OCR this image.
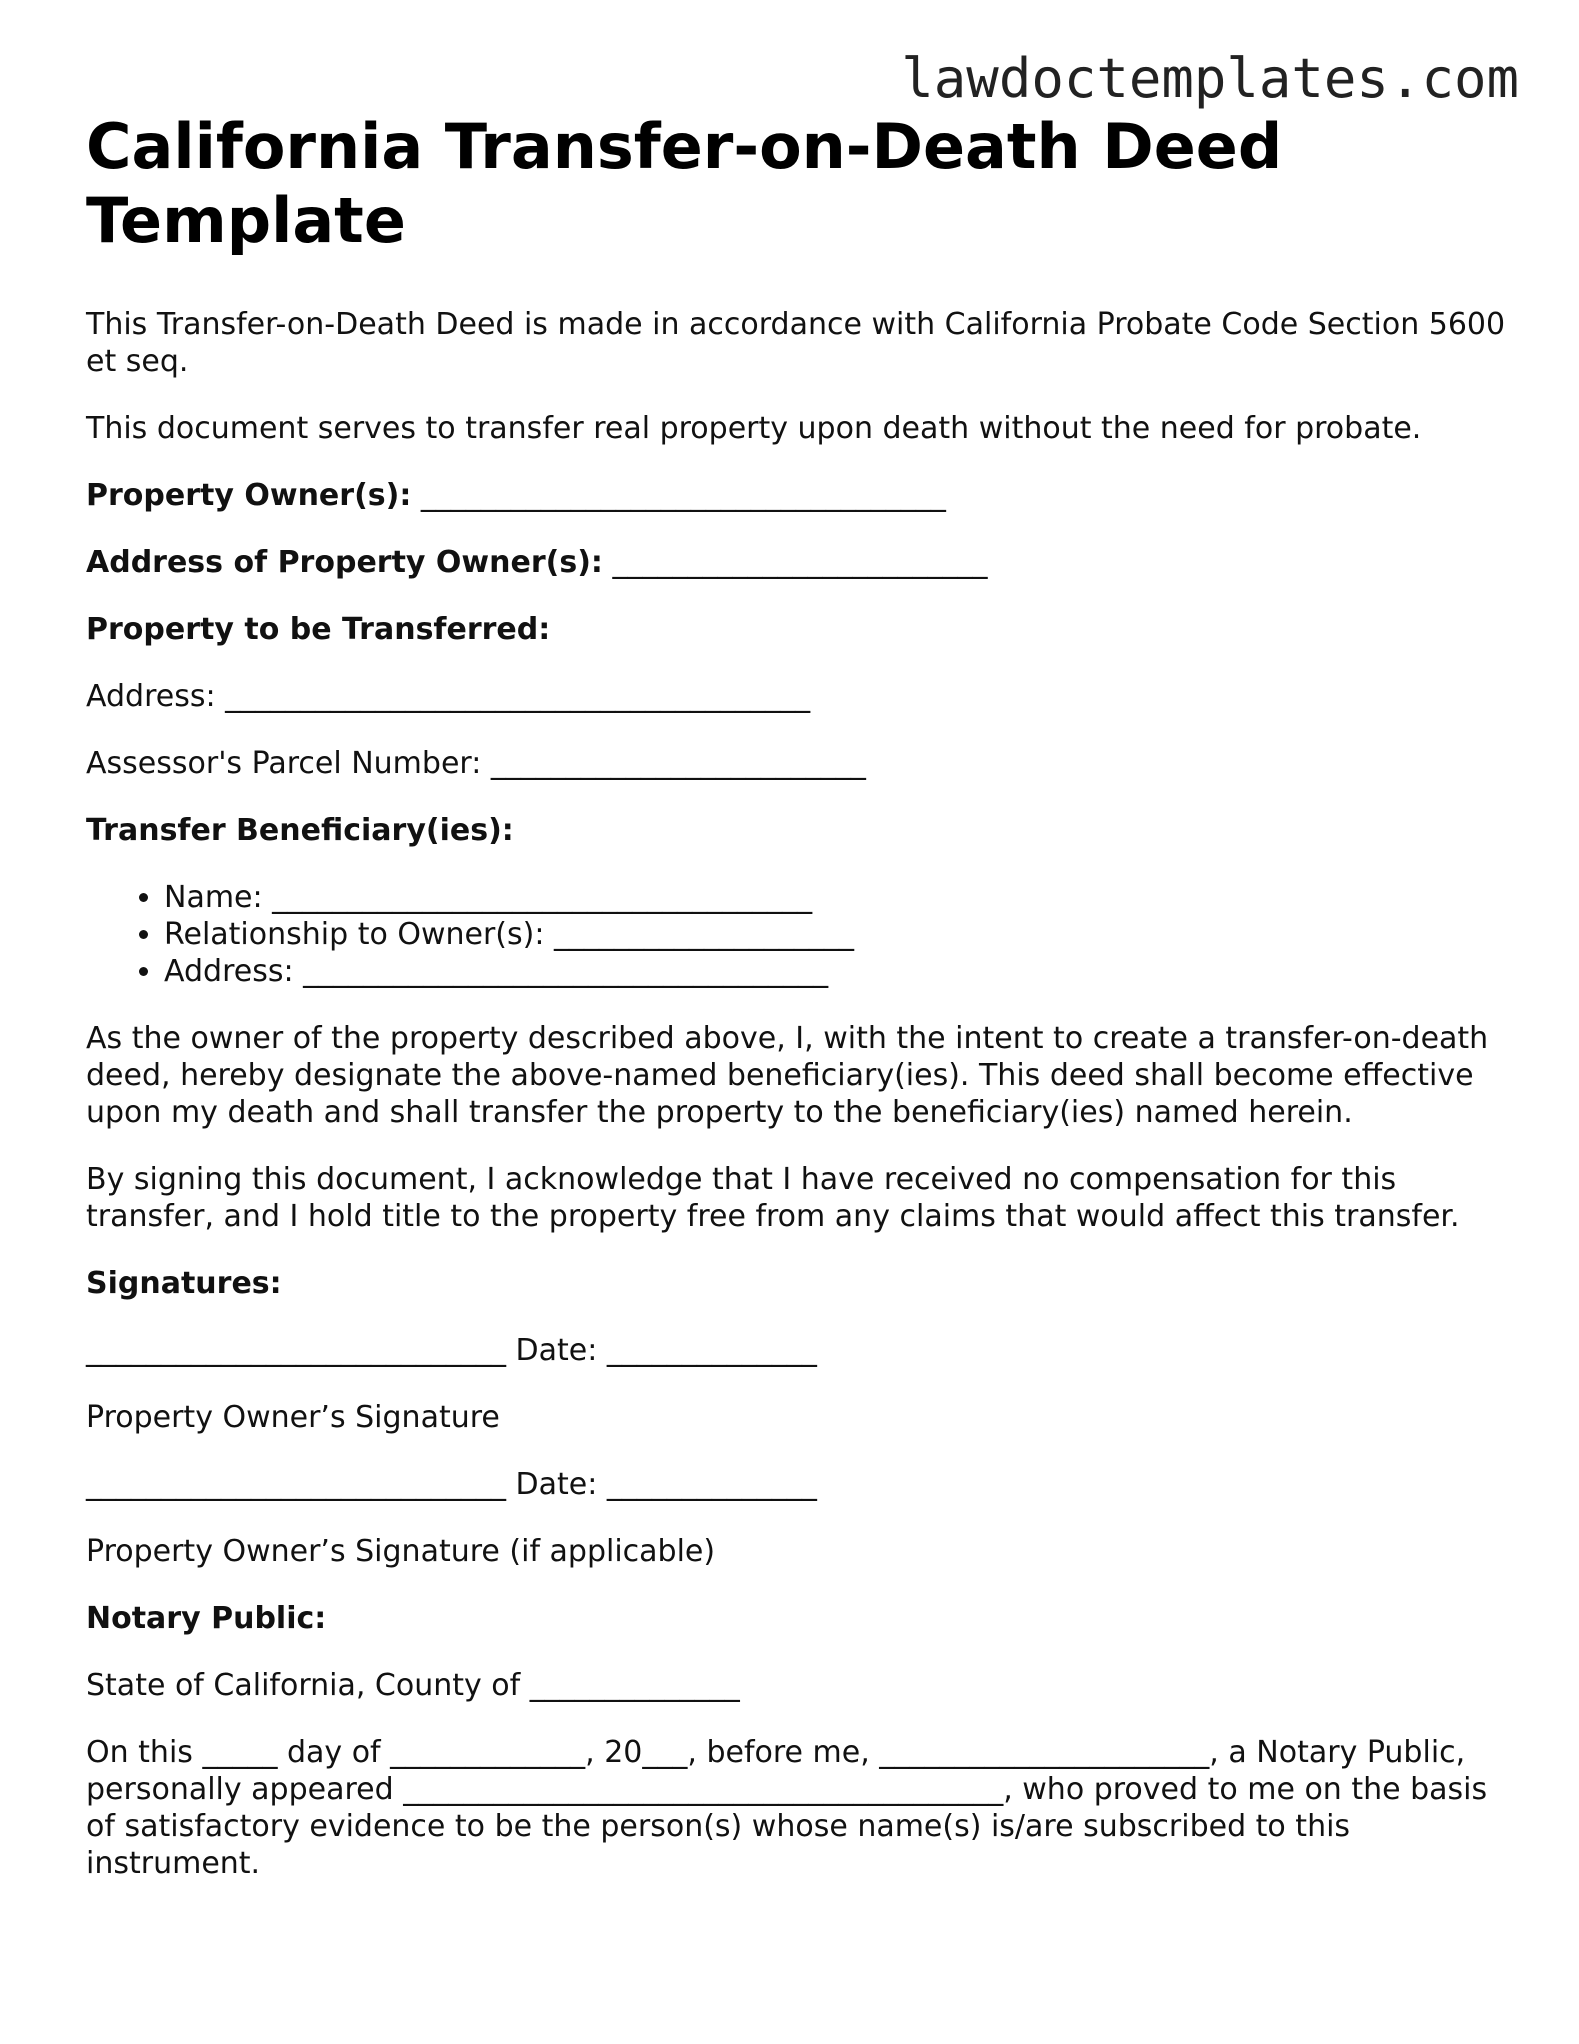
lawdoctemplates.com
California Transfer-on-Death Deed Template

This Transfer-on-Death Deed is made in accordance with California Probate Code Section 5600 et seq.

This document serves to transfer real property upon death without the need for probate.

Property Owner(s): ___________________________________

Address of Property Owner(s): _________________________

Property to be Transferred:

Address: _______________________________________

Assessor's Parcel Number: _________________________

Transfer Beneficiary(ies):

• Name: ____________________________________
• Relationship to Owner(s): ____________________
• Address: ___________________________________

As the owner of the property described above, I, with the intent to create a transfer-on-death deed, hereby designate the above-named beneficiary(ies). This deed shall become effective upon my death and shall transfer the property to the beneficiary(ies) named herein.

By signing this document, I acknowledge that I have received no compensation for this transfer, and I hold title to the property free from any claims that would affect this transfer.

Signatures:

____________________________ Date: ______________

Property Owner’s Signature

____________________________ Date: ______________

Property Owner’s Signature (if applicable)

Notary Public:

State of California, County of ______________

On this _____ day of _____________, 20___, before me, ______________________, a Notary Public, personally appeared ________________________________________, who proved to me on the basis of satisfactory evidence to be the person(s) whose name(s) is/are subscribed to this instrument.
